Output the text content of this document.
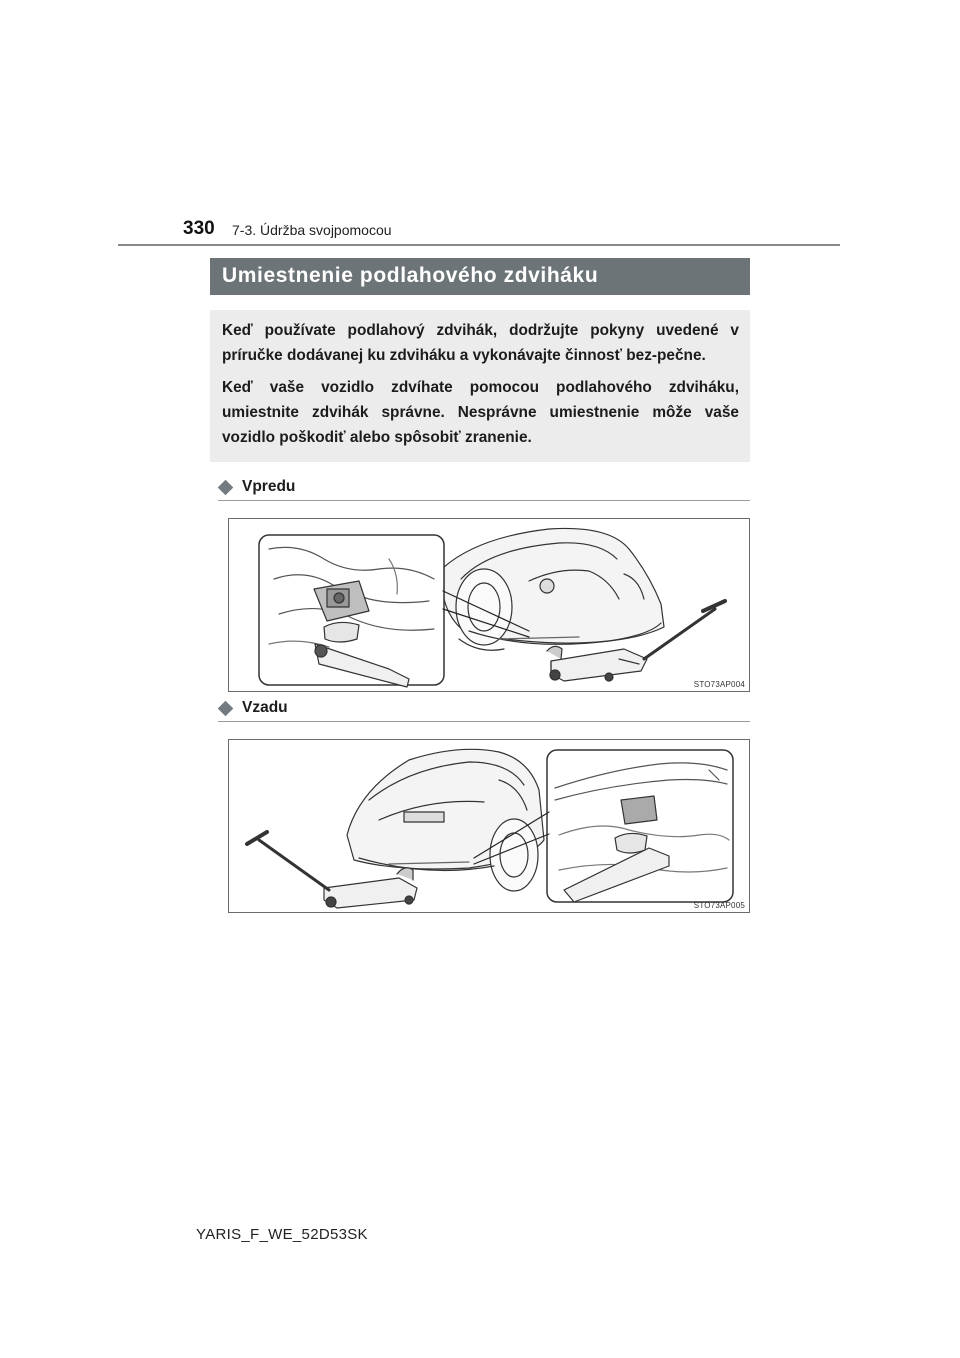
330 7-3. Údržba svojpomocou
Umiestnenie podlahového zdviháku

Keď používate podlahový zdvihák, dodržujte pokyny uvedené v príručke dodávanej ku zdviháku a vykonávajte činnosť bez-pečne.

Keď vaše vozidlo zdvíhate pomocou podlahového zdviháku, umiestnite zdvihák správne. Nesprávne umiestnenie môže vaše vozidlo poškodiť alebo spôsobiť zranenie.

Vpredu
STO73AP004
Vzadu
STO73AP005
YARIS_F_WE_52D53SK
